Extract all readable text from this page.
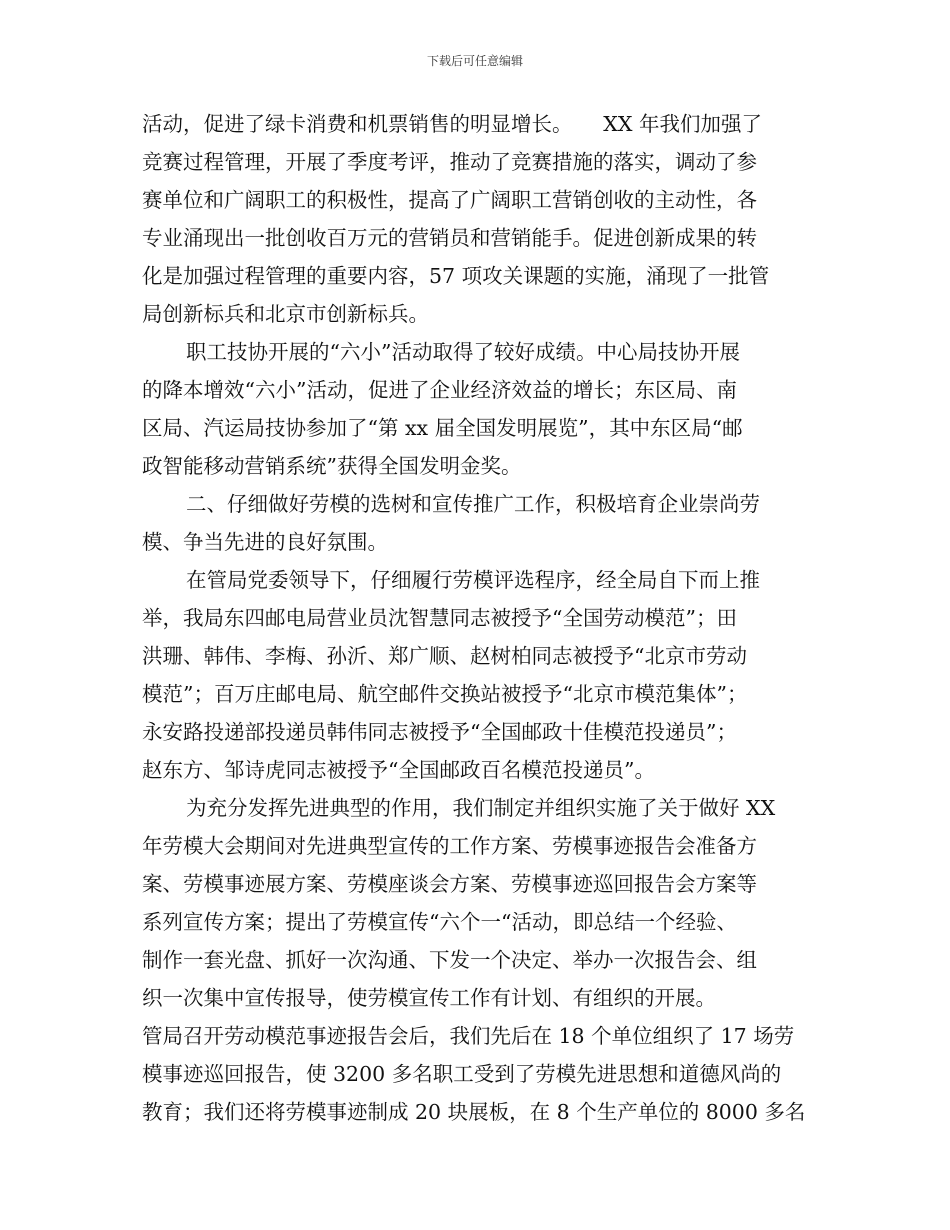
下载后可任意编辑
活动，促进了绿卡消费和机票销售的明显增长。　　XX 年我们加强了
竞赛过程管理，开展了季度考评，推动了竞赛措施的落实，调动了参
赛单位和广阔职工的积极性，提高了广阔职工营销创收的主动性，各
专业涌现出一批创收百万元的营销员和营销能手。促进创新成果的转
化是加强过程管理的重要内容，57 项攻关课题的实施，涌现了一批管
局创新标兵和北京市创新标兵。
职工技协开展的“六小”活动取得了较好成绩。中心局技协开展
的降本增效“六小”活动，促进了企业经济效益的增长；东区局、南
区局、汽运局技协参加了“第 xx 届全国发明展览”，其中东区局“邮
政智能移动营销系统”获得全国发明金奖。
二、仔细做好劳模的选树和宣传推广工作，积极培育企业崇尚劳
模、争当先进的良好氛围。
在管局党委领导下，仔细履行劳模评选程序，经全局自下而上推
举，我局东四邮电局营业员沈智慧同志被授予“全国劳动模范”；田
洪珊、韩伟、李梅、孙沂、郑广顺、赵树柏同志被授予“北京市劳动
模范”；百万庄邮电局、航空邮件交换站被授予“北京市模范集体”；
永安路投递部投递员韩伟同志被授予“全国邮政十佳模范投递员”；
赵东方、邹诗虎同志被授予“全国邮政百名模范投递员”。
为充分发挥先进典型的作用，我们制定并组织实施了关于做好 XX
年劳模大会期间对先进典型宣传的工作方案、劳模事迹报告会准备方
案、劳模事迹展方案、劳模座谈会方案、劳模事迹巡回报告会方案等
系列宣传方案；提出了劳模宣传“六个一“活动，即总结一个经验、
制作一套光盘、抓好一次沟通、下发一个决定、举办一次报告会、组
织一次集中宣传报导，使劳模宣传工作有计划、有组织的开展。
管局召开劳动模范事迹报告会后，我们先后在 18 个单位组织了 17 场劳
模事迹巡回报告，使 3200 多名职工受到了劳模先进思想和道德风尚的
教育；我们还将劳模事迹制成 20 块展板，在 8 个生产单位的 8000 多名
